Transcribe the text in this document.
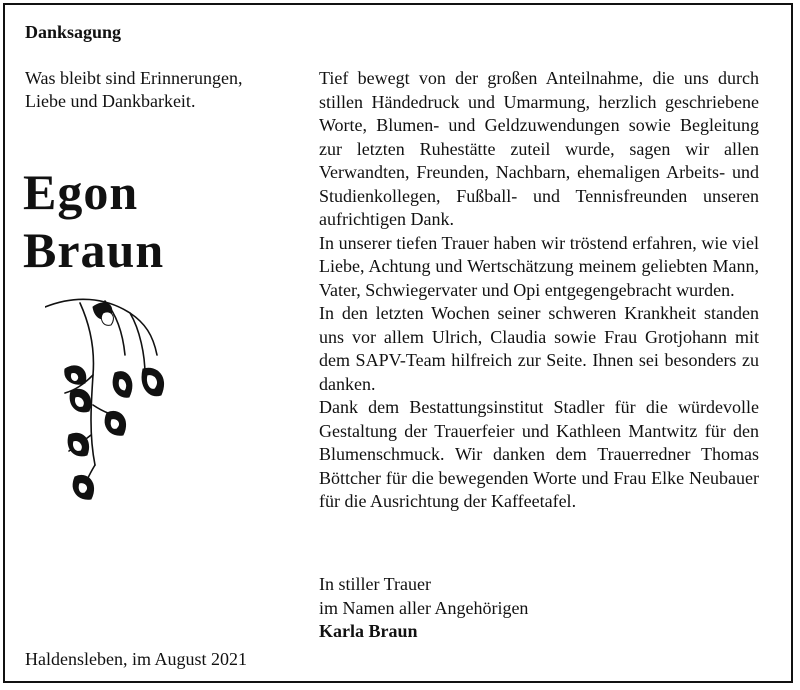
Danksagung
Was bleibt sind Erinnerungen,
Liebe und Dankbarkeit.
Egon
Braun
Haldensleben, im August 2021

Tief bewegt von der großen Anteilnahme, die uns durch stillen Händedruck und Umarmung, herzlich geschriebene Worte, Blumen- und Geldzuwendungen sowie Begleitung zur letzten Ruhestätte zuteil wurde, sagen wir allen Verwandten, Freunden, Nachbarn, ehemaligen Arbeits- und Studienkollegen, Fußball- und Tennisfreunden unseren aufrichtigen Dank.

In unserer tiefen Trauer haben wir tröstend erfahren, wie viel Liebe, Achtung und Wertschätzung meinem geliebten Mann, Vater, Schwiegervater und Opi entgegengebracht wurden.

In den letzten Wochen seiner schweren Krankheit standen uns vor allem Ulrich, Claudia sowie Frau Grotjohann mit dem SAPV-Team hilfreich zur Seite. Ihnen sei besonders zu danken.

Dank dem Bestattungsinstitut Stadler für die würdevolle Gestaltung der Trauerfeier und Kathleen Mantwitz für den Blumenschmuck. Wir danken dem Trauerredner Thomas Böttcher für die bewegenden Worte und Frau Elke Neubauer für die Ausrichtung der Kaffeetafel.

In stiller Trauer
im Namen aller Angehörigen
Karla Braun
